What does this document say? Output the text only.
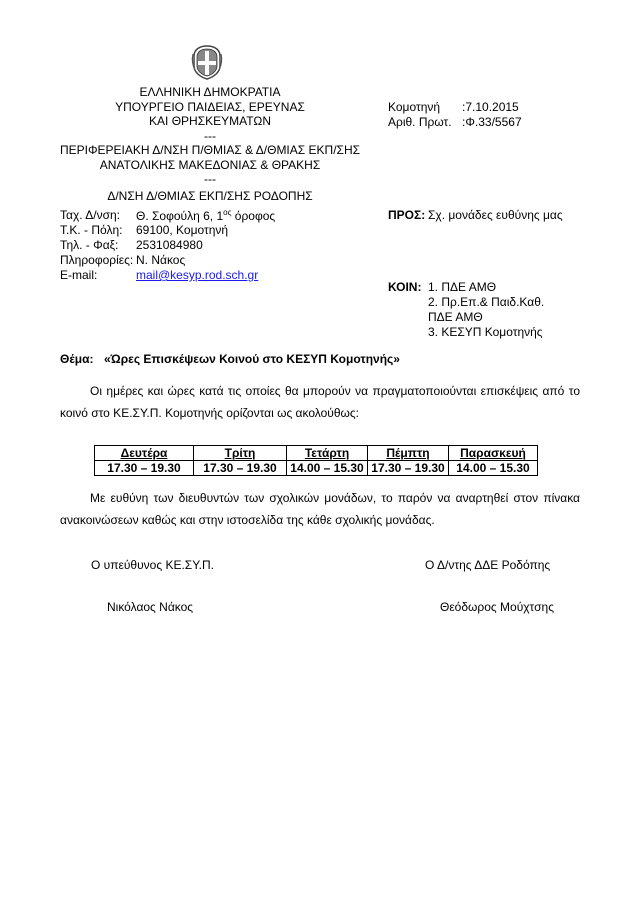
ΕΛΛΗΝΙΚΗ ΔΗΜΟΚΡΑΤΙΑ
ΥΠΟΥΡΓΕΙΟ ΠΑΙΔΕΙΑΣ, ΕΡΕΥΝΑΣ
ΚΑΙ ΘΡΗΣΚΕΥΜΑΤΩΝ
---
ΠΕΡΙΦΕΡΕΙΑΚΗ Δ/ΝΣΗ Π/ΘΜΙΑΣ & Δ/ΘΜΙΑΣ ΕΚΠ/ΣΗΣ
ΑΝΑΤΟΛΙΚΗΣ ΜΑΚΕΔΟΝΙΑΣ & ΘΡΑΚΗΣ
---
Δ/ΝΣΗ Δ/ΘΜΙΑΣ ΕΚΠ/ΣΗΣ ΡΟΔΟΠΗΣ
Κομοτηνή :7.10.2015
Αριθ. Πρωτ. :Φ.33/5567
Ταχ. Δ/νση: Θ. Σοφούλη 6, $1^{o\varsigma}$ όροφος
Τ.Κ. - Πόλη: 69100, Κομοτηνή
Τηλ. - Φαξ: 2531084980
Πληροφορίες: Ν. Νάκος
E-mail:	mail@kesyp.rod.sch.gr
ΠΡΟΣ: Σχ. μονάδες ευθύνης μας
ΚΟΙΝ: 1. ΠΔΕ ΑΜΘ
2. Πρ.Επ.& Παιδ.Καθ.
ΠΔΕ ΑΜΘ
3. ΚΕΣΥΠ Κομοτηνής
Θέμα: «Ώρες Επισκέψεων Κοινού στο ΚΕΣΥΠ Κομοτηνής»
Οι ημέρες και ώρες κατά τις οποίες θα μπορούν να πραγματοποιούνται επισκέψεις από το κοινό στο ΚΕ.ΣΥ.Π. Κομοτηνής ορίζονται ως ακολούθως:
Δευτέρα	Τρίτη	Τετάρτη	Πέμπτη	Παρασκευή
17.30 – 19.30	17.30 – 19.30	14.00 – 15.30	17.30 – 19.30	14.00 – 15.30
Με ευθύνη των διευθυντών των σχολικών μονάδων, το παρόν να αναρτηθεί στον πίνακα ανακοινώσεων καθώς και στην ιστοσελίδα της κάθε σχολικής μονάδας.
Ο υπεύθυνος ΚΕ.ΣΥ.Π.	Ο Δ/ντης ΔΔΕ Ροδόπης
Νικόλαος Νάκος	Θεόδωρος Μούχτσης
